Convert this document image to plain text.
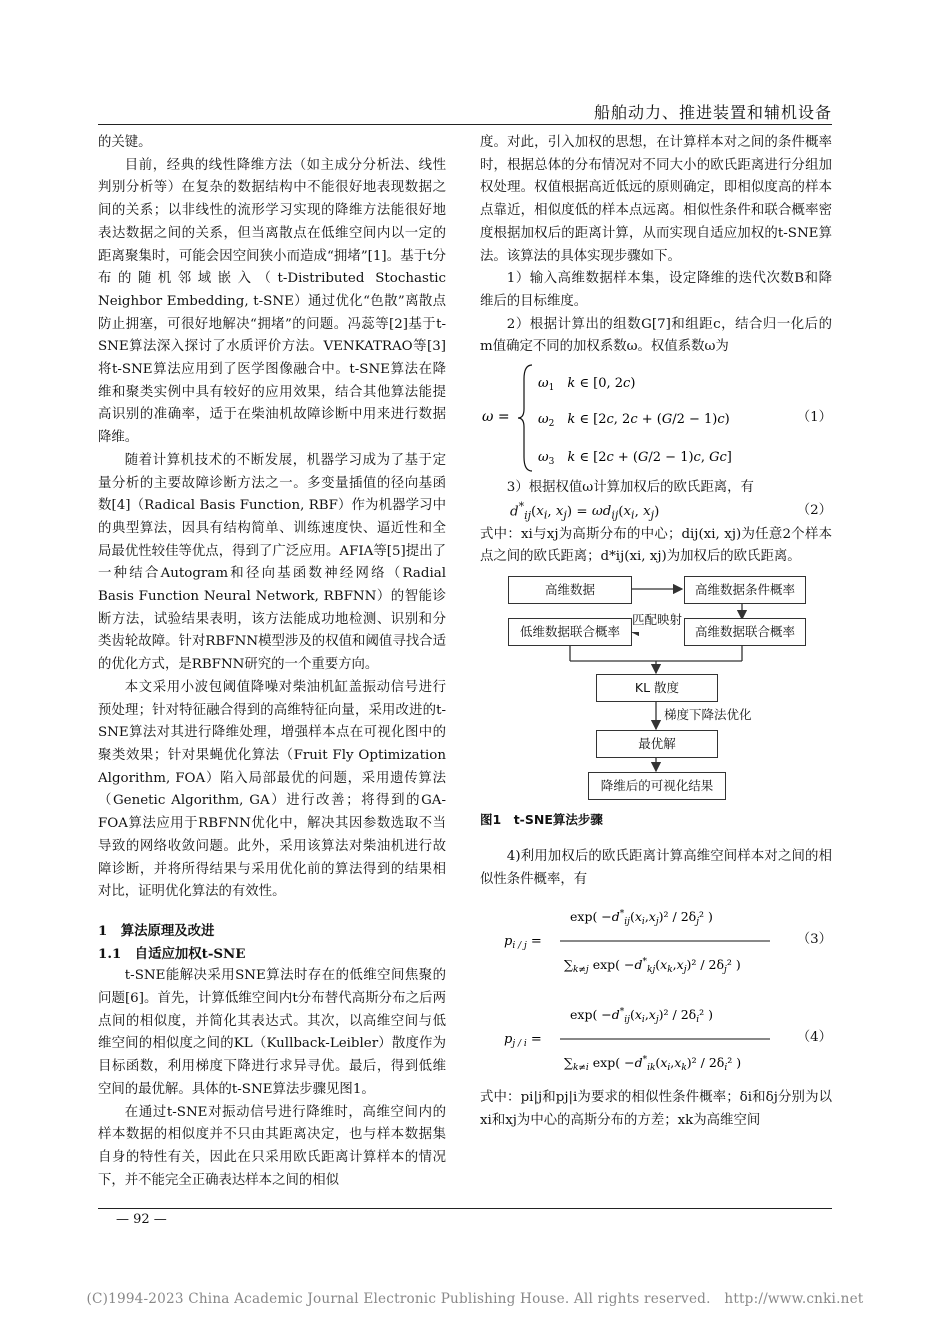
船舶动力、推进装置和辅机设备

的关键。

目前，经典的线性降维方法（如主成分分析法、线性判别分析等）在复杂的数据结构中不能很好地表现数据之间的关系；以非线性的流形学习实现的降维方法能很好地表达数据之间的关系，但当离散点在低维空间内以一定的距离聚集时，可能会因空间狭小而造成“拥堵”[1]。基于t分布的随机邻域嵌入（t-Distributed Stochastic Neighbor Embedding, t-SNE）通过优化“色散”离散点防止拥塞，可很好地解决“拥堵”的问题。冯蕊等[2]基于t-SNE算法深入探讨了水质评价方法。VENKATRAO等[3]将t-SNE算法应用到了医学图像融合中。t-SNE算法在降维和聚类实例中具有较好的应用效果，结合其他算法能提高识别的准确率，适于在柴油机故障诊断中用来进行数据降维。

随着计算机技术的不断发展，机器学习成为了基于定量分析的主要故障诊断方法之一。多变量插值的径向基函数[4]（Radical Basis Function, RBF）作为机器学习中的典型算法，因具有结构简单、训练速度快、逼近性和全局最优性较佳等优点，得到了广泛应用。AFIA等[5]提出了一种结合Autogram和径向基函数神经网络（Radial Basis Function Neural Network, RBFNN）的智能诊断方法，试验结果表明，该方法能成功地检测、识别和分类齿轮故障。针对RBFNN模型涉及的权值和阈值寻找合适的优化方式，是RBFNN研究的一个重要方向。

本文采用小波包阈值降噪对柴油机缸盖振动信号进行预处理；针对特征融合得到的高维特征向量，采用改进的t-SNE算法对其进行降维处理，增强样本点在可视化图中的聚类效果；针对果蝇优化算法（Fruit Fly Optimization Algorithm, FOA）陷入局部最优的问题，采用遗传算法（Genetic Algorithm, GA）进行改善；将得到的GA-FOA算法应用于RBFNN优化中，解决其因参数选取不当导致的网络收敛问题。此外，采用该算法对柴油机进行故障诊断，并将所得结果与采用优化前的算法得到的结果相对比，证明优化算法的有效性。

1　算法原理及改进

1.1　自适应加权t-SNE

t-SNE能解决采用SNE算法时存在的低维空间焦聚的问题[6]。首先，计算低维空间内t分布替代高斯分布之后两点间的相似度，并简化其表达式。其次，以高维空间与低维空间的相似度之间的KL（Kullback-Leibler）散度作为目标函数，利用梯度下降进行求异寻优。最后，得到低维空间的最优解。具体的t-SNE算法步骤见图1。

在通过t-SNE对振动信号进行降维时，高维空间内的样本数据的相似度并不只由其距离决定，也与样本数据集自身的特性有关，因此在只采用欧氏距离计算样本的情况下，并不能完全正确表达样本之间的相似

度。对此，引入加权的思想，在计算样本对之间的条件概率时，根据总体的分布情况对不同大小的欧氏距离进行分组加权处理。权值根据高近低远的原则确定，即相似度高的样本点靠近，相似度低的样本点远离。相似性条件和联合概率密度根据加权后的距离计算，从而实现自适应加权的t-SNE算法。该算法的具体实现步骤如下。

1）输入高维数据样本集，设定降维的迭代次数B和降维后的目标维度。

2）根据计算出的组数G[7]和组距c，结合归一化后的m值确定不同的加权系数ω。权值系数ω为

ω =
$\omega_1$　 k ∈ [0, 2c)
$\omega_2$　 k ∈ [2c, 2c + (G/2 − 1)c)
$\omega_3$　 k ∈ [2c + (G/2 − 1)c, Gc]
（1）

3）根据权值ω计算加权后的欧氏距离，有

$d^*_{ij}(x_i$, $x_j) = \omega d_{ij}(x_i$, $x_j$)	（2）

式中：xi与xj为高斯分布的中心；dij(xi, xj)为任意2个样本点之间的欧氏距离；d*ij(xi, xj)为加权后的欧氏距离。

高维数据	高维数据条件概率
匹配映射
低维数据联合概率	高维数据联合概率
KL 散度
梯度下降法优化
最优解
降维后的可视化结果

图1　t-SNE算法步骤

4)利用加权后的欧氏距离计算高维空间样本对之间的相似性条件概率，有

$p_{i / j}$ =
$\exp( -d^*_{ij}(x_i,x_j)^2 / 2\delta_j^2$ )
$\sum_{k\ne j}$ $\exp( -d^*_{kj}(x_k,x_j)^2 / 2\delta_j^2$ )
（3）
$p_{j / i}$ =
$\exp( -d^*_{ij}(x_i,x_j)^2 / 2\delta_i^2$ )
$\sum_{k\ne i}$ $\exp( -d^*_{ik}(x_i,x_k)^2 / 2\delta_i^2$ )
（4）

式中：pi|j和pj|i为要求的相似性条件概率；δi和δj分别为以xi和xj为中心的高斯分布的方差；xk为高维空间

— 92 —
(C)1994-2023 China Academic Journal Electronic Publishing House. All rights reserved.　http://www.cnki.net
